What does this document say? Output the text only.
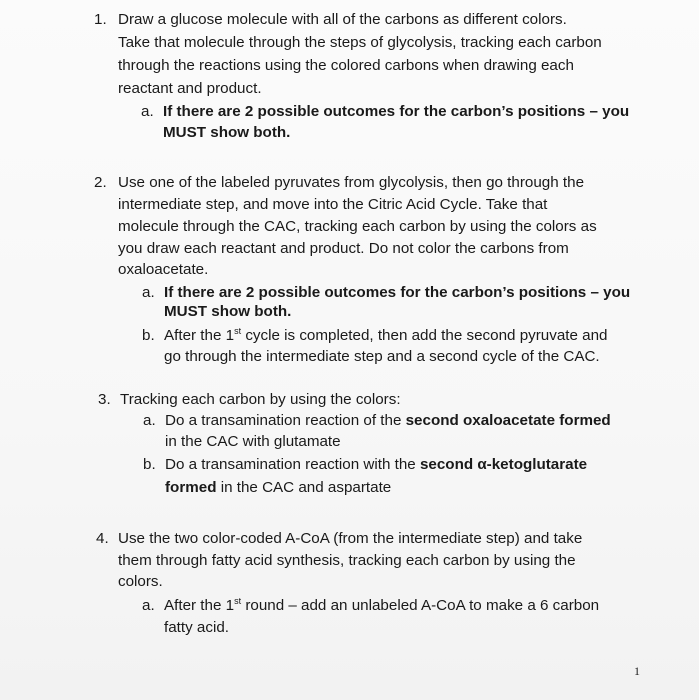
1. Draw a glucose molecule with all of the carbons as different colors.
Take that molecule through the steps of glycolysis, tracking each carbon
through the reactions using the colored carbons when drawing each
reactant and product.
a. If there are 2 possible outcomes for the carbon’s positions – you
MUST show both.
2. Use one of the labeled pyruvates from glycolysis, then go through the
intermediate step, and move into the Citric Acid Cycle. Take that
molecule through the CAC, tracking each carbon by using the colors as
you draw each reactant and product. Do not color the carbons from
oxaloacetate.
a. If there are 2 possible outcomes for the carbon’s positions – you
MUST show both.
b. After the 1st cycle is completed, then add the second pyruvate and
go through the intermediate step and a second cycle of the CAC.
3. Tracking each carbon by using the colors:
a. Do a transamination reaction of the second oxaloacetate formed
in the CAC with glutamate
b. Do a transamination reaction with the second α-ketoglutarate
formed in the CAC and aspartate
4. Use the two color-coded A-CoA (from the intermediate step) and take
them through fatty acid synthesis, tracking each carbon by using the
colors.
a. After the 1st round – add an unlabeled A-CoA to make a 6 carbon
fatty acid.
1
